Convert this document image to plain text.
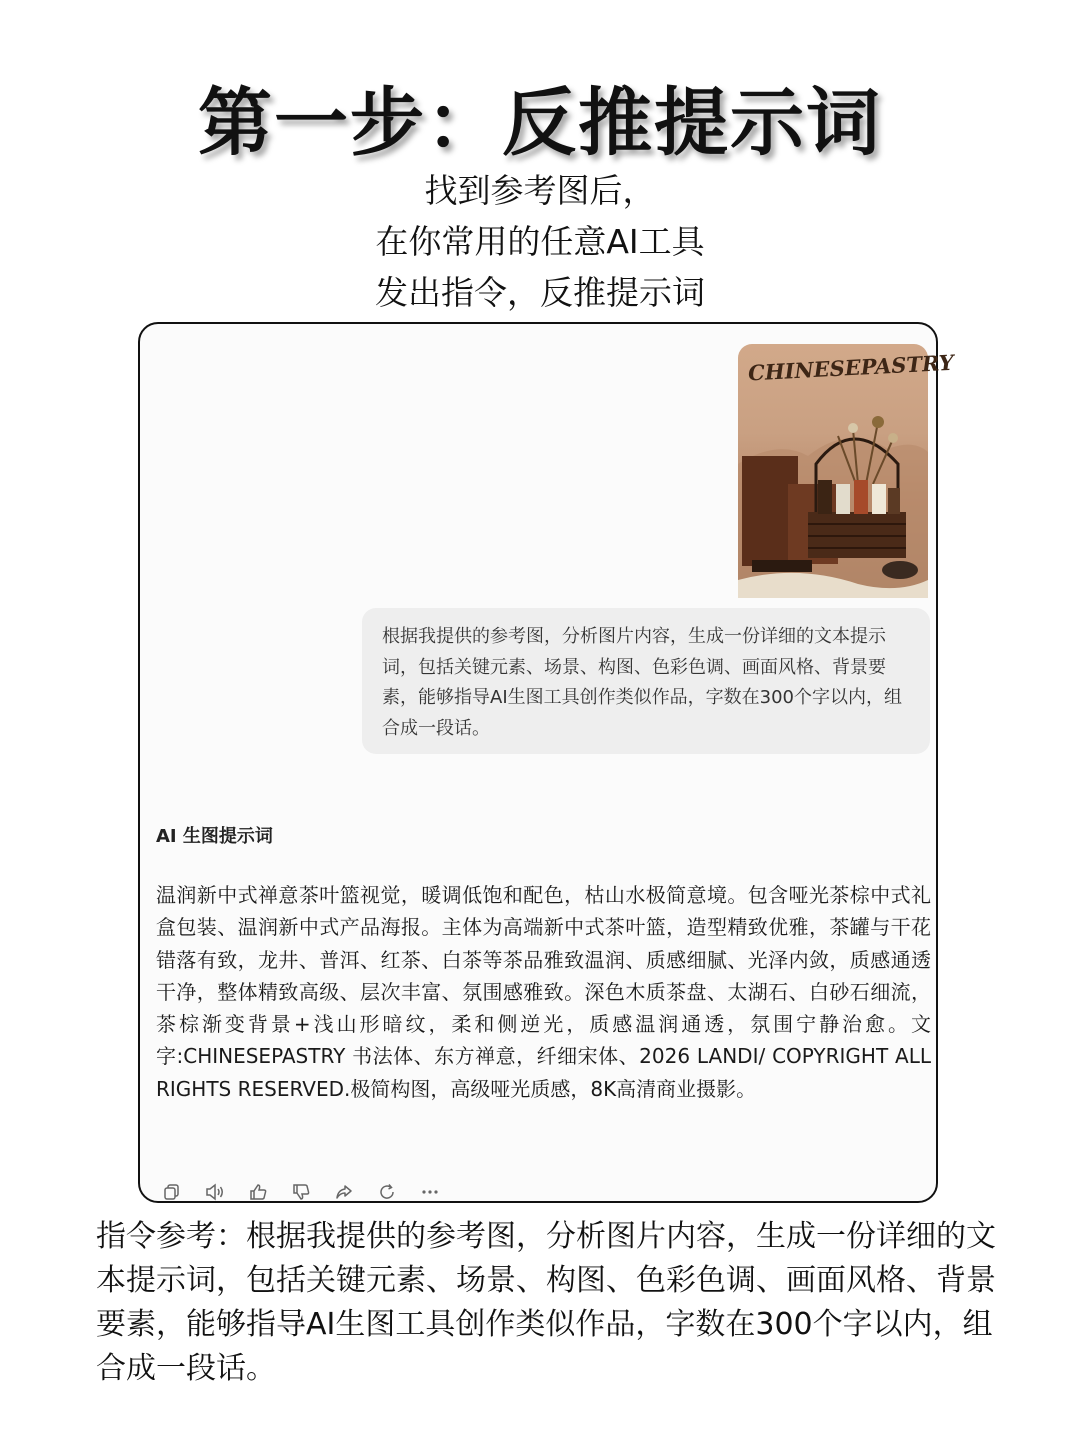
第一步：反推提示词
找到参考图后，
在你常用的任意AI工具
发出指令，反推提示词
CHINESEPASTRY
根据我提供的参考图，分析图片内容，生成一份详细的文本提示词，包括关键元素、场景、构图、色彩色调、画面风格、背景要素，能够指导AI生图工具创作类似作品，字数在300个字以内，组合成一段话。
AI 生图提示词
温润新中式禅意茶叶篮视觉，暖调低饱和配色，枯山水极简意境。包含哑光茶棕中式礼盒包装、温润新中式产品海报。主体为高端新中式茶叶篮，造型精致优雅，茶罐与干花错落有致，龙井、普洱、红茶、白茶等茶品雅致温润、质感细腻、光泽内敛，质感通透干净，整体精致高级、层次丰富、氛围感雅致。深色木质茶盘、太湖石、白砂石细流，茶棕渐变背景+浅山形暗纹，柔和侧逆光，质感温润通透，氛围宁静治愈。文字:CHINESEPASTRY 书法体、东方禅意，纤细宋体、2026 LANDI/ COPYRIGHT ALL RIGHTS RESERVED.极简构图，高级哑光质感，8K高清商业摄影。
指令参考：根据我提供的参考图，分析图片内容，生成一份详细的文本提示词，包括关键元素、场景、构图、色彩色调、画面风格、背景要素，能够指导AI生图工具创作类似作品，字数在300个字以内，组合成一段话。
